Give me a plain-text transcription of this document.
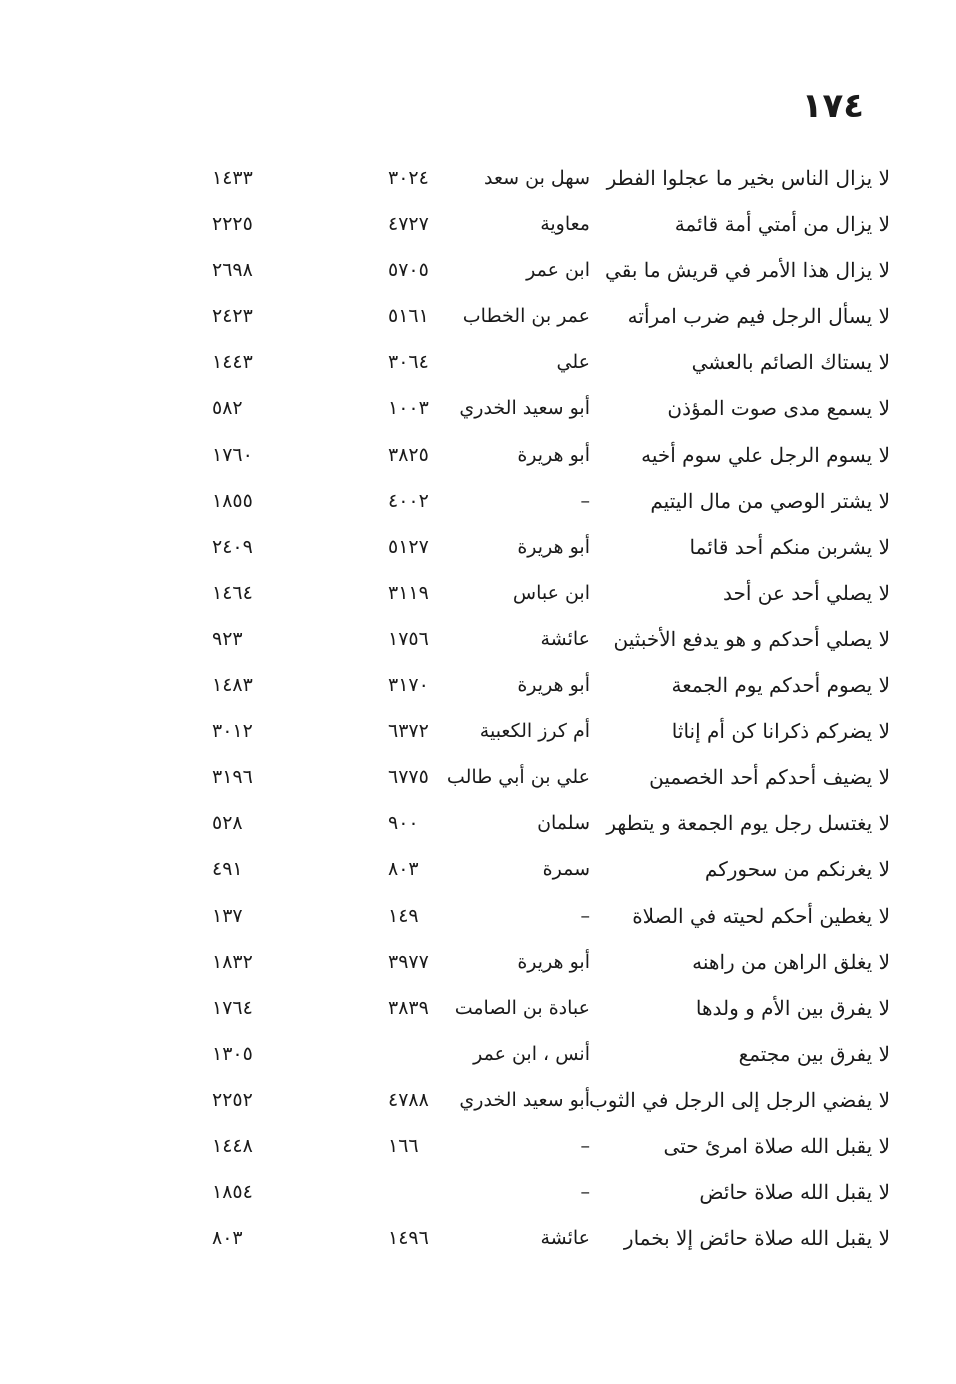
١٧٤
لا يزال الناس بخير ما عجلوا الفطر
سهل بن سعد
٣٠٢٤
١٤٣٣
لا يزال من أمتي أمة قائمة
معاوية
٤٧٢٧
٢٢٢٥
لا يزال هذا الأمر في قريش ما بقي
ابن عمر
٥٧٠٥
٢٦٩٨
لا يسأل الرجل فيم ضرب امرأته
عمر بن الخطاب
٥١٦١
٢٤٢٣
لا يستاك الصائم بالعشي
علي
٣٠٦٤
١٤٤٣
لا يسمع مدى صوت المؤذن
أبو سعيد الخدري
١٠٠٣
٥٨٢
لا يسوم الرجل علي سوم أخيه
أبو هريرة
٣٨٢٥
١٧٦٠
لا يشتر الوصي من مال اليتيم
–
٤٠٠٢
١٨٥٥
لا يشربن منكم أحد قائما
أبو هريرة
٥١٢٧
٢٤٠٩
لا يصلي أحد عن أحد
ابن عباس
٣١١٩
١٤٦٤
لا يصلي أحدكم و هو يدفع الأخبثين
عائشة
١٧٥٦
٩٢٣
لا يصوم أحدكم يوم الجمعة
أبو هريرة
٣١٧٠
١٤٨٣
لا يضركم ذكرانا كن أم إناثا
أم كرز الكعبية
٦٣٧٢
٣٠١٢
لا يضيف أحدكم أحد الخصمين
علي بن أبي طالب
٦٧٧٥
٣١٩٦
لا يغتسل رجل يوم الجمعة و يتطهر
سلمان
٩٠٠
٥٢٨
لا يغرنكم من سحوركم
سمرة
٨٠٣
٤٩١
لا يغطين أحكم لحيته في الصلاة
–
١٤٩
١٣٧
لا يغلق الراهن من راهنه
أبو هريرة
٣٩٧٧
١٨٣٢
لا يفرق بين الأم و ولدها
عبادة بن الصامت
٣٨٣٩
١٧٦٤
لا يفرق بين مجتمع
أنس ، ابن عمر
١٣٠٥
لا يفضي الرجل إلى الرجل في الثوب
أبو سعيد الخدري
٤٧٨٨
٢٢٥٢
لا يقبل الله صلاة امرئ حتى
–
١٦٦
١٤٤٨
لا يقبل الله صلاة حائض
–
١٨٥٤
لا يقبل الله صلاة حائض إلا بخمار
عائشة
١٤٩٦
٨٠٣
